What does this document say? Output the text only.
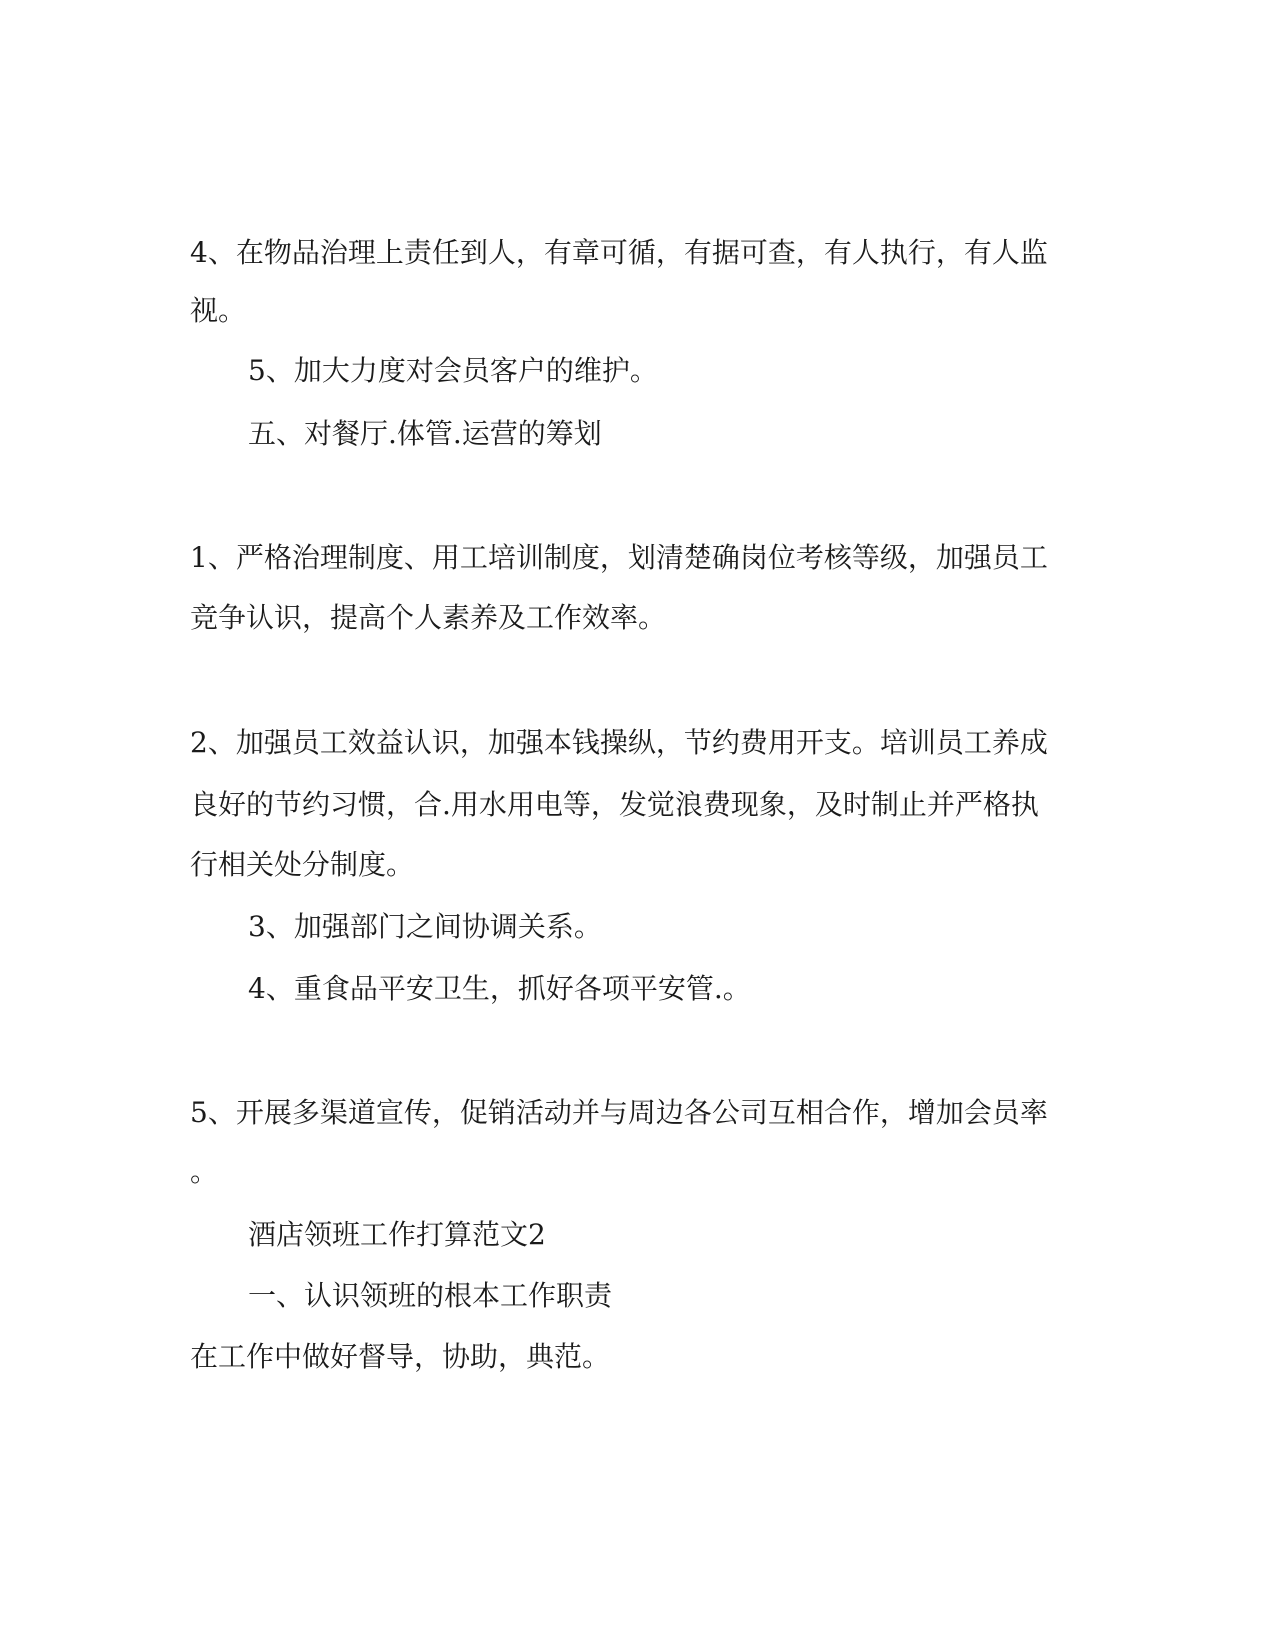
4、在物品治理上责任到人，有章可循，有据可查，有人执行，有人监

视。

5、加大力度对会员客户的维护。

五、对餐厅.体管.运营的筹划

1、严格治理制度、用工培训制度，划清楚确岗位考核等级，加强员工

竞争认识，提高个人素养及工作效率。

2、加强员工效益认识，加强本钱操纵，节约费用开支。培训员工养成

良好的节约习惯，合.用水用电等，发觉浪费现象，及时制止并严格执

行相关处分制度。

3、加强部门之间协调关系。

4、重食品平安卫生，抓好各项平安管.。

5、开展多渠道宣传，促销活动并与周边各公司互相合作，增加会员率

。

酒店领班工作打算范文2

一、认识领班的根本工作职责

在工作中做好督导，协助，典范。
